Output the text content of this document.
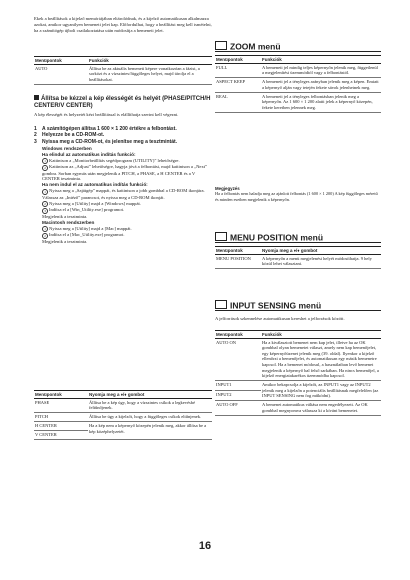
Ekek a beállítások a kijelző memóriájában eltárolódnak, és a kijelző automatikusan alkalmazza azokat, amikor ugyanilyen bemeneti jelet kap. Előfordulhat, hogy a beállítást meg kell ismételni, ha a számítógép újboli csatlakoztatása után módosítja a bemeneti jelet.

Menüpontok	Funkciók
AUTO	Állítsa be az aktuális bemeneti képere vonatkozóan a fázist, a sorközt és a vízszintes/függőleges helyet, majd tárolja el a beállításokat.
Állítsa be kézzel a kép élességét és helyét (PHASE/PITCH/H CENTER/V CENTER)

A kép élességét és helyzetét kézi beállítással is elállíthatja szerint kell végezni.

1	A számítógépen állítsa 1 600 × 1 200 értékre a felbontást.
2	Helyezze be a CD-ROM-ot.
3	Nyissa meg a CD-ROM-ot, és jelenítse meg a tesztmintát.
Windows rendszerben
Ha elindul az automatikus indítás funkció:

1 Kattintson a „Monitorbeállítás segédprogram (UTILITY)” lehetőségre.

2 Kattintson az „Adjust” lehetőségre, hagyja jóvá a felbontást, majd kattintson a „Next” gombra. Sorban egymás után megjelenik a PITCH, a PHASE, a H CENTER és a V CENTER tesztminta.

Ha nem indul el az automatikus indítás funkció:

1 Nyissa meg a „Sajátgép” mappát, és kattintson a jobb gombbal a CD-ROM ikonjára. Válassza az „Intéző” parancsot, és nyissa meg a CD-ROM ikonját.

2 Nyissa meg a [Utility] majd a [Windows] mappát.

3 Indítsa el a [Win_Utility.exe] programot.

Megjelenik a tesztminta.

Macintosh rendszerben

1 Nyissa meg a [Utility] majd a [Mac] mappát.

2 Indítsa el a [Mac_Utility.exe] programot.

Megjelenik a tesztminta.

Menüpontok	Nyomja meg a ♦/♦ gombot
PHASE	Állítsa be a kép úgy, hogy a vízszintes csíkok a legkevésbé feltűnőjenek.
PITCH	Állítsa be úgy a kijelzőt, hogy a függőleges csíkok eltűnjenek.
H CENTER	Ha a kép nem a képernyő közepén jelenik meg, akkor állítsa be a kép középhelyzetét.
V CENTER	
ZOOM menü
Menüpontok	Funkciók
FULL	A bemeneti jel mindig teljes képernyőn jelenik meg, függetlenül a megjelenítési üzemmódtól vagy a felbontástól.
ASPECT KEEP	A bemeneti jel a tényleges arányban jelenik meg a képen. Emiatt a képernyő alján vagy tetején fekete sávok jelenhetnek meg.
REAL	A bemeneti jel a tényleges felbontásban jelenik meg a képernyőn. Az 1 600 × 1 200 alatti jelek a képernyő közepén, fekete keretben jelennek meg.
Megjegyzés
Ha a felbontás nem haladja meg az ajánlott felbontás (1 600 × 1 200) A kép függőleges méretű és minden esetben megjelenik a képernyőn.
MENU POSITION menü
Menüpontok	Nyomja meg a ♦/♦ gombot
MENU POSITION	A képernyőn a menü megjelenési helyét módosíthatja. 9 hely közül lehet választani.
INPUT SENSING menü

A jelforrások szkennelése automatikusan kereshet a jelforrások között.

Menüpontok	Funkciók
AUTO ON	Ha a kiválasztott bemenet nem kap jelet, illetve ha az OK gombbal olyan bemenetet választ, amely nem kap bemenőjelet, egy képernyőüzenet jelenik meg (39. oldal). Ilyenkor a kijelző ellenőrzi a bemenőjelet, és automatikusan egy másik bemenetre kapcsol. Ha a bemenet módosul, a használatban levő bemenet megjelenik a képernyő bal felső sarkában. Ha nincs bemenőjel, a kijelző energiatakarékos üzemmódba kapcsol.
INPUT1	Amikor bekapcsolja a kijelzőt, az INPUT1 vagy az INPUT2 jelenik meg a kijelzőn a potenciális beállításnak megfelelően (az INPUT SENSING nem fog működni).
INPUT2	
AUTO OFF	A bemenet automatikus váltása nem engedélyezett. Az OK gombbal megnyomva válassza ki a kívánt bemenetet.
16
